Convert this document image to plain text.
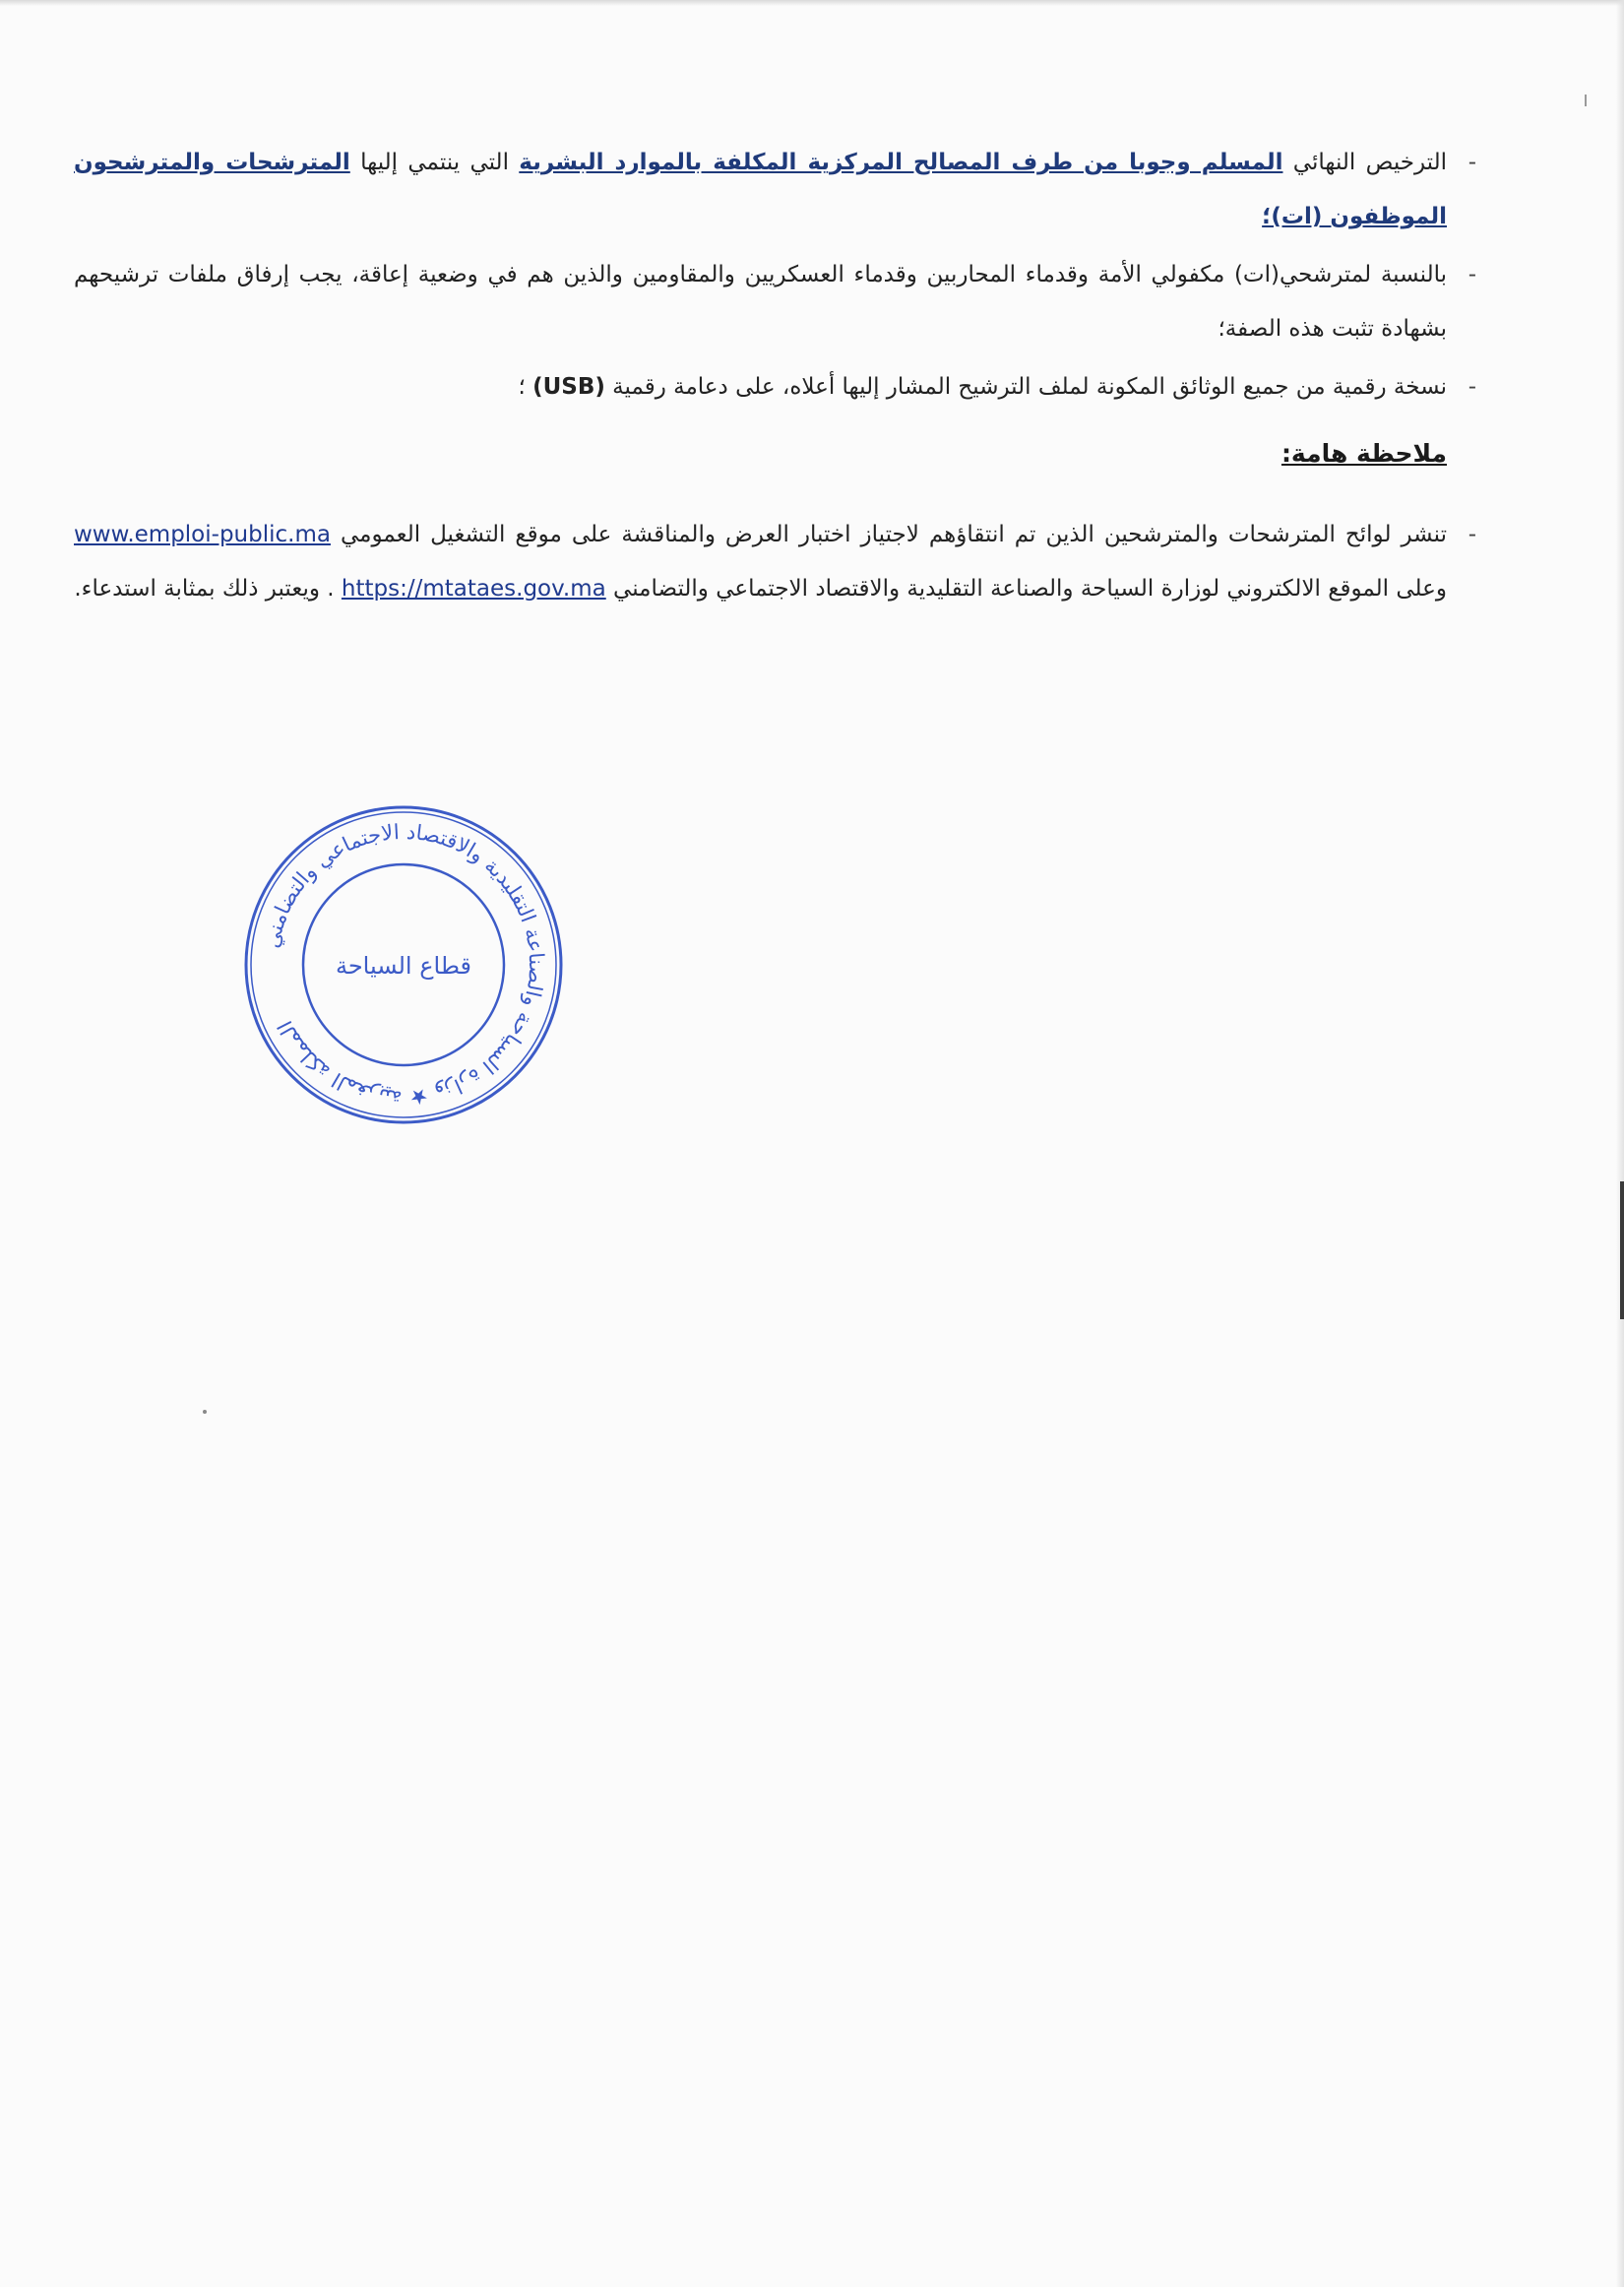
-
الترخيص النهائي المسلم وجوبا من طرف المصالح المركزية المكلفة بالموارد البشرية التي ينتمي إليها المترشحات والمترشحون الموظفون (ات)؛
-
بالنسبة لمترشحي(ات) مكفولي الأمة وقدماء المحاربين وقدماء العسكريين والمقاومين والذين هم في وضعية إعاقة، يجب إرفاق ملفات ترشيحهم بشهادة تثبت هذه الصفة؛
-
نسخة رقمية من جميع الوثائق المكونة لملف الترشيح المشار إليها أعلاه، على دعامة رقمية (USB) ؛
ملاحظة هامة:
-
تنشر لوائح المترشحات والمترشحين الذين تم انتقاؤهم لاجتياز اختبار العرض والمناقشة على موقع التشغيل العمومي www.emploi-public.ma وعلى الموقع الالكتروني لوزارة السياحة والصناعة التقليدية والاقتصاد الاجتماعي والتضامني https://mtataes.gov.ma . ويعتبر ذلك بمثابة استدعاء.
المملكة المغربية ★ وزارة السياحة والصناعة التقليدية والاقتصاد الاجتماعي والتضامني
قطاع السياحة
